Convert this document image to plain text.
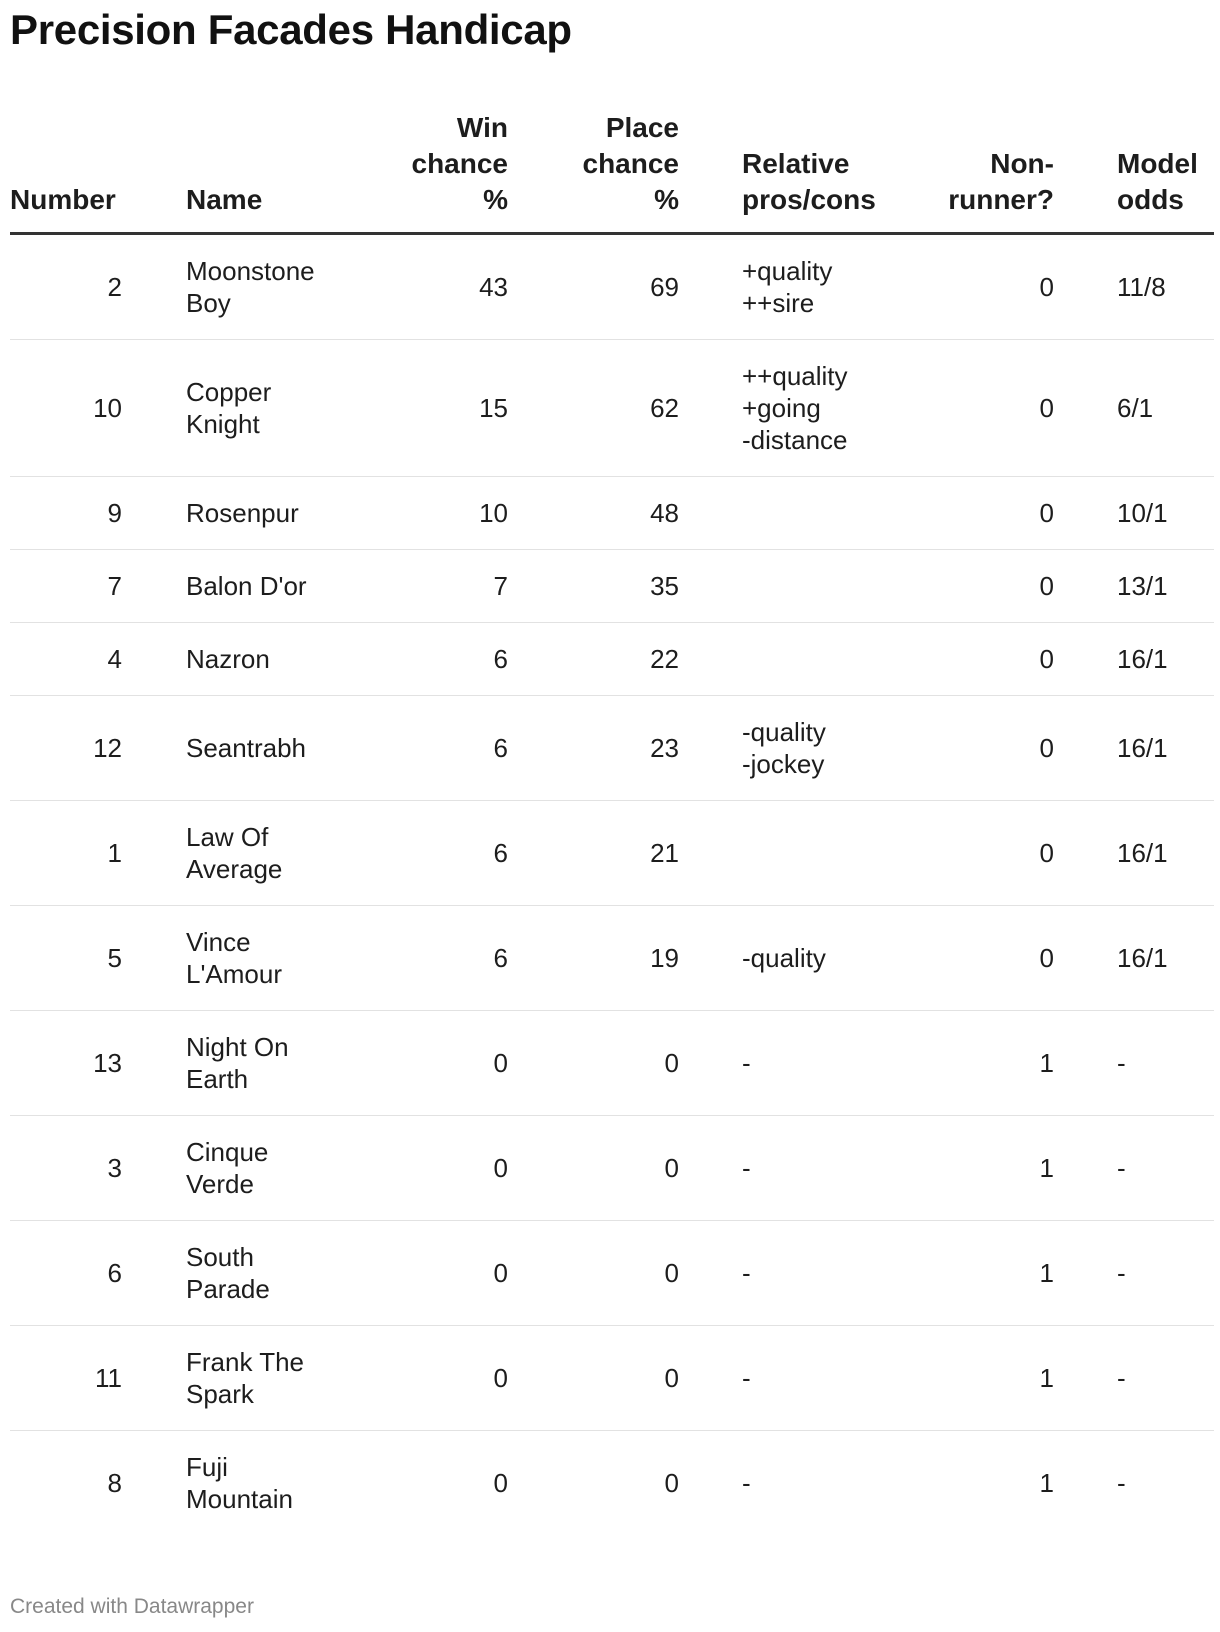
Precision Facades Handicap
Number		Name	Win
chance
%	Place
chance
%		Relative
pros/cons	Non-
runner?		Model
odds
2		Moonstone
Boy	43	69		+quality
++sire	0		11/8
10		Copper
Knight	15	62		++quality
+going
-distance	0		6/1
9		Rosenpur	10	48			0		10/1
7		Balon D'or	7	35			0		13/1
4		Nazron	6	22			0		16/1
12		Seantrabh	6	23		-quality
-jockey	0		16/1
1		Law Of
Average	6	21			0		16/1
5		Vince
L'Amour	6	19		-quality	0		16/1
13		Night On
Earth	0	0		-	1		-
3		Cinque
Verde	0	0		-	1		-
6		South
Parade	0	0		-	1		-
11		Frank The
Spark	0	0		-	1		-
8		Fuji
Mountain	0	0		-	1		-
Created with Datawrapper
